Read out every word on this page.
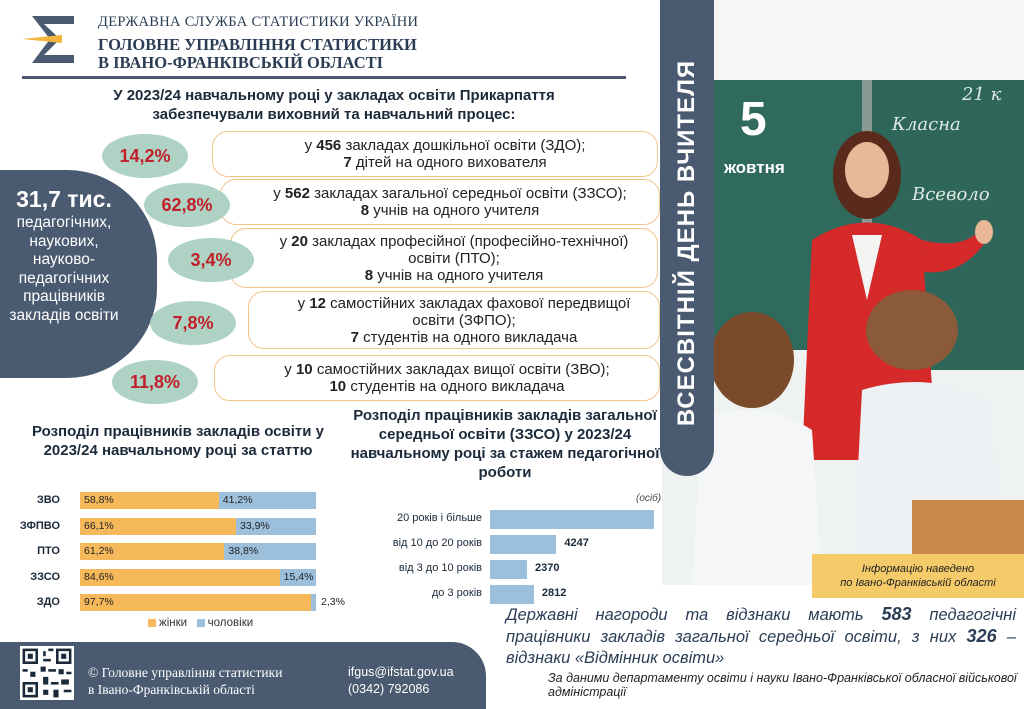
ДЕРЖАВНА СЛУЖБА СТАТИСТИКИ УКРАЇНИ
ГОЛОВНЕ УПРАВЛІННЯ СТАТИСТИКИ
В ІВАНО-ФРАНКІВСЬКІЙ ОБЛАСТІ
У 2023/24 навчальному році у закладах освіти Прикарпаття
забезпечували виховний та навчальний процес:
31,7 тис.
педагогічних, наукових, науково-педагогічних працівників закладів освіти
у 456 закладах дошкільної освіти (ЗДО);
7 дітей на одного вихователя
14,2%
у 562 закладах загальної середньої освіти (ЗЗСО);
8 учнів на одного учителя
62,8%
у 20 закладах професійної (професійно-технічної) освіти (ПТО);
8 учнів на одного учителя
3,4%
у 12 самостійних закладах фахової передвищої освіти (ЗФПО);
7 студентів на одного викладача
7,8%
у 10 самостійних закладах вищої освіти (ЗВО);
10 студентів на одного викладача
11,8%
Розподіл працівників закладів освіти у 2023/24 навчальному році за статтю
ЗВО	58,8%	41,2%
ЗФПВО	66,1%	33,9%
ПТО	61,2%	38,8%
ЗЗСО	84,6%	15,4%
ЗДО	97,7%	2,3%
жінки чоловіки
Розподіл працівників закладів загальної середньої освіти (ЗЗСО) у 2023/24 навчальному році за стажем педагогічної роботи
(осіб)
20 років і більше
від 10 до 20 років	4247
від 3 до 10 років	2370
до 3 років	2812
21 к
Класна
Всеволо
ВСЕСВІТНІЙ ДЕНЬ ВЧИТЕЛЯ 5
жовтня
Інформацію наведено
по Івано-Франківській області
Державні нагороди та відзнаки мають 583 педагогічні працівники закладів загальної середньої освіти, з них 326 – відзнаки «Відмінник освіти»
За даними департаменту освіти і науки Івано-Франківської обласної військової адміністрації
© Головне управління статистики
в Івано-Франківській області
ifgus@ifstat.gov.ua
(0342) 792086
